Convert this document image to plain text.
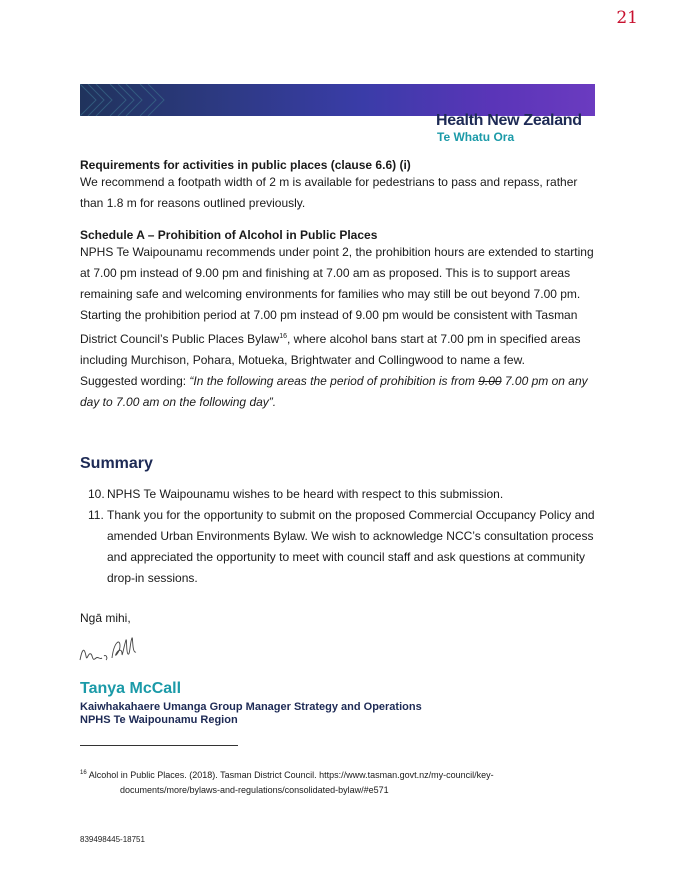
21
Health New Zealand
Te Whatu Ora

Requirements for activities in public places (clause 6.6) (i)

We recommend a footpath width of 2 m is available for pedestrians to pass and repass, rather than 1.8 m for reasons outlined previously.

Schedule A – Prohibition of Alcohol in Public Places

NPHS Te Waipounamu recommends under point 2, the prohibition hours are extended to starting at 7.00 pm instead of 9.00 pm and finishing at 7.00 am as proposed. This is to support areas remaining safe and welcoming environments for families who may still be out beyond 7.00 pm. Starting the prohibition period at 7.00 pm instead of 9.00 pm would be consistent with Tasman District Council’s Public Places Bylaw$^{16}$, where alcohol bans start at 7.00 pm in specified areas including Murchison, Pohara, Motueka, Brightwater and Collingwood to name a few.

Suggested wording: “In the following areas the period of prohibition is from 9.00 7.00 pm on any day to 7.00 am on the following day”.

Summary
10. NPHS Te Waipounamu wishes to be heard with respect to this submission.
11. Thank you for the opportunity to submit on the proposed Commercial Occupancy Policy and amended Urban Environments Bylaw. We wish to acknowledge NCC’s consultation process and appreciated the opportunity to meet with council staff and ask questions at community drop-in sessions.
Ngā mihi,
Tanya McCall
Kaiwhakahaere Umanga Group Manager Strategy and Operations
NPHS Te Waipounamu Region
$^{16}$ Alcohol in Public Places. (2018). Tasman District Council. https://www.tasman.govt.nz/my-council/key-
documents/more/bylaws-and-regulations/consolidated-bylaw/#e571
839498445-18751
